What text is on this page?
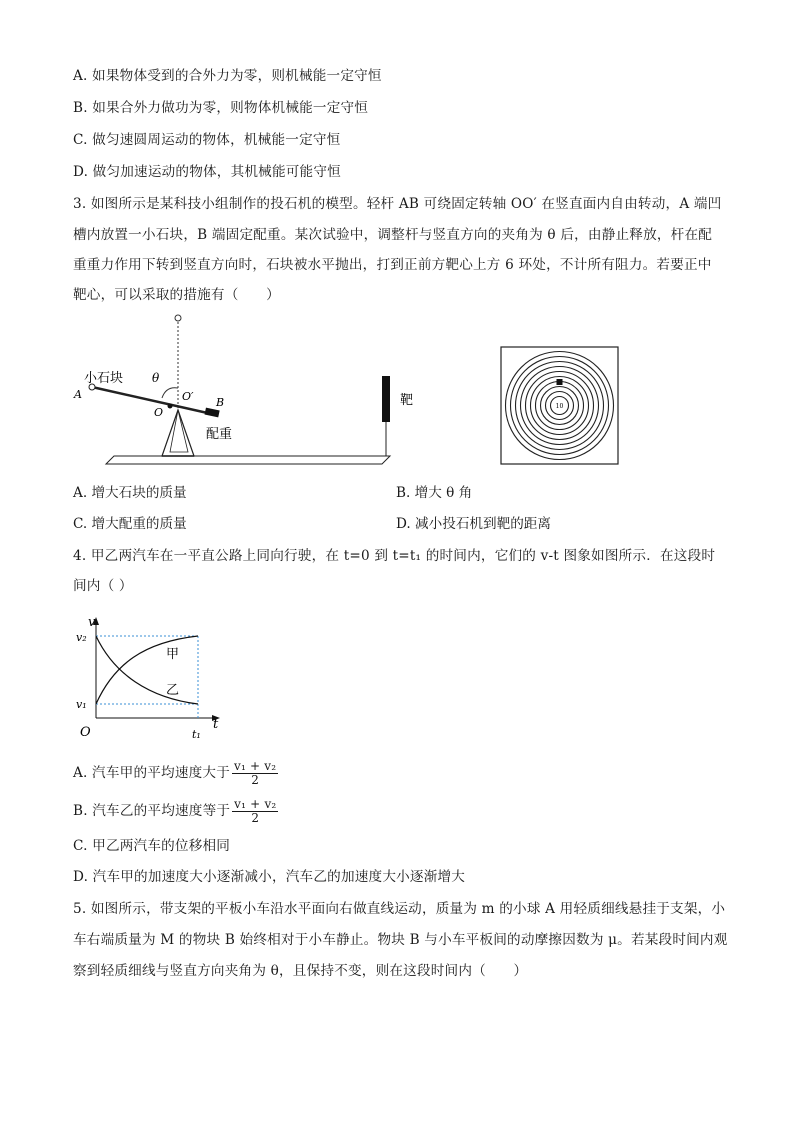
A. 如果物体受到的合外力为零，则机械能一定守恒
B. 如果合外力做功为零，则物体机械能一定守恒
C. 做匀速圆周运动的物体，机械能一定守恒
D. 做匀加速运动的物体，其机械能可能守恒
3. 如图所示是某科技小组制作的投石机的模型。轻杆 AB 可绕固定转轴 OO′ 在竖直面内自由转动，A 端凹
槽内放置一小石块，B 端固定配重。某次试验中，调整杆与竖直方向的夹角为 θ 后，由静止释放，杆在配
重重力作用下转到竖直方向时，石块被水平抛出，打到正前方靶心上方 6 环处，不计所有阻力。若要正中
靶心，可以采取的措施有（　　）
小石块 θ
A
O
O′ B
配重
靶	10
A. 增大石块的质量	B. 增大 θ 角
C. 增大配重的质量	D. 减小投石机到靶的距离
4. 甲乙两汽车在一平直公路上同向行驶，在 t=0 到 t=t₁ 的时间内，它们的 v-t 图象如图所示．在这段时
间内（ ）
v
t
v₂
v₁
O	t₁
甲
乙
A. 汽车甲的平均速度大于 $\frac{\text{v₁ + v₂}}{2}$
B. 汽车乙的平均速度等于 $\frac{\text{v₁ + v₂}}{2}$
C. 甲乙两汽车的位移相同
D. 汽车甲的加速度大小逐渐减小，汽车乙的加速度大小逐渐增大
5. 如图所示，带支架的平板小车沿水平面向右做直线运动，质量为 m 的小球 A 用轻质细线悬挂于支架，小
车右端质量为 M 的物块 B 始终相对于小车静止。物块 B 与小车平板间的动摩擦因数为 μ。若某段时间内观
察到轻质细线与竖直方向夹角为 θ，且保持不变，则在这段时间内（　　）
